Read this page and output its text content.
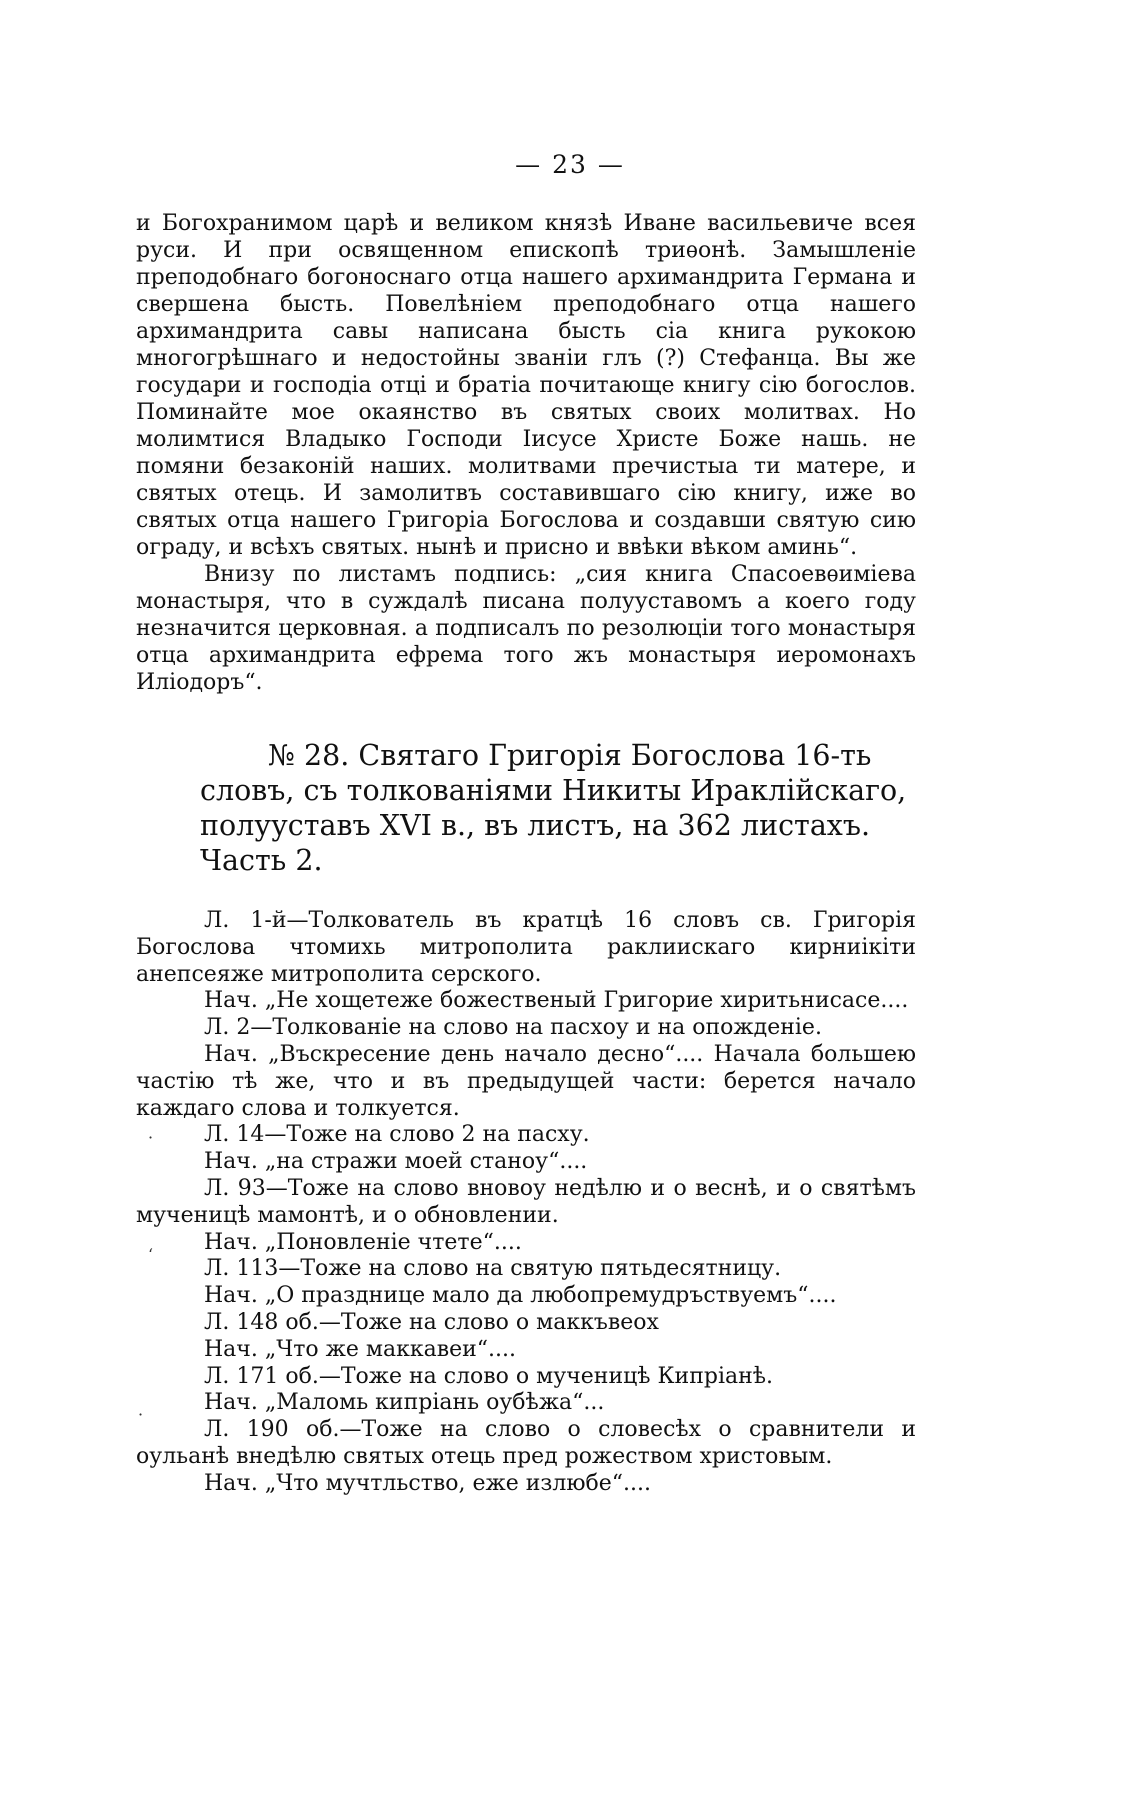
— 23 —

и Богохранимом царѣ и великом князѣ Иване васильевиче всея руси. И при освященном епископѣ триѳонѣ. Замышленіе преподобнаго богоноснаго отца нашего архимандрита Германа и свершена бысть. Повелѣніем преподобнаго отца нашего архимандрита савы написана бысть сіа книга рукокою многогрѣшнаго и недостойны званіи глъ (?) Стефанца. Вы же государи и господіа отці и братіа почитающе книгу сію богослов. Поминайте мое окаянство въ святых своих молитвах. Но молимтися Владыко Господи Іисусе Христе Боже нашь. не помяни безаконій наших. молитвами пречистыа ти матере, и святых отець. И замолитвъ составившаго сію книгу, иже во святых отца нашего Григоріа Богослова и создавши святую сию ограду, и всѣхъ святых. нынѣ и присно и ввѣки вѣком аминь“.

Внизу по листамъ подпись: „сия книга Спасоевѳиміева монастыря, что в суждалѣ писана полууставомъ а коего году незначится церковная. а подписалъ по резолюціи того монастыря отца архимандрита ефрема того жъ монастыря иеромонахъ Иліодоръ“.

№ 28. Святаго Григорія Богослова 16-ть
словъ, съ толкованіями Никиты Ираклійскаго,
полууставъ XVI в., въ листъ, на 362 листахъ.
Часть 2.

Л. 1-й—Толкователь въ кратцѣ 16 словъ св. Григорія Богослова чтомихь митрополита раклиискаго кирниікіти анепсеяже митрополита серского.

Нач. „Не хощетеже божественый Григорие хиритьнисасе....

Л. 2—Толкованіе на слово на пасхоу и на опожденіе.

Нач. „Въскресение день начало десно“.... Начала большею частію тѣ же, что и въ предыдущей части: берется начало каждаго слова и толкуется.

Л. 14—Тоже на слово 2 на пасху.

Нач. „на стражи моей станоу“....

Л. 93—Тоже на слово вновоу недѣлю и о веснѣ, и о святѣмъ мученицѣ мамонтѣ, и о обновлении.

Нач. „Поновленіе чтете“....

Л. 113—Тоже на слово на святую пятьдесятницу.

Нач. „О празднице мало да любопремудръствуемъ“....

Л. 148 об.—Тоже на слово о маккъвеох

Нач. „Что же маккавеи“....

Л. 171 об.—Тоже на слово о мученицѣ Кипріанѣ.

Нач. „Маломь кипріань оубѣжа“...

Л. 190 об.—Тоже на слово о словесѣх о сравнители и оульанѣ внедѣлю святых отець пред рожеством христовым.

Нач. „Что мучтльство, еже излюбе“....

‘
·
·
